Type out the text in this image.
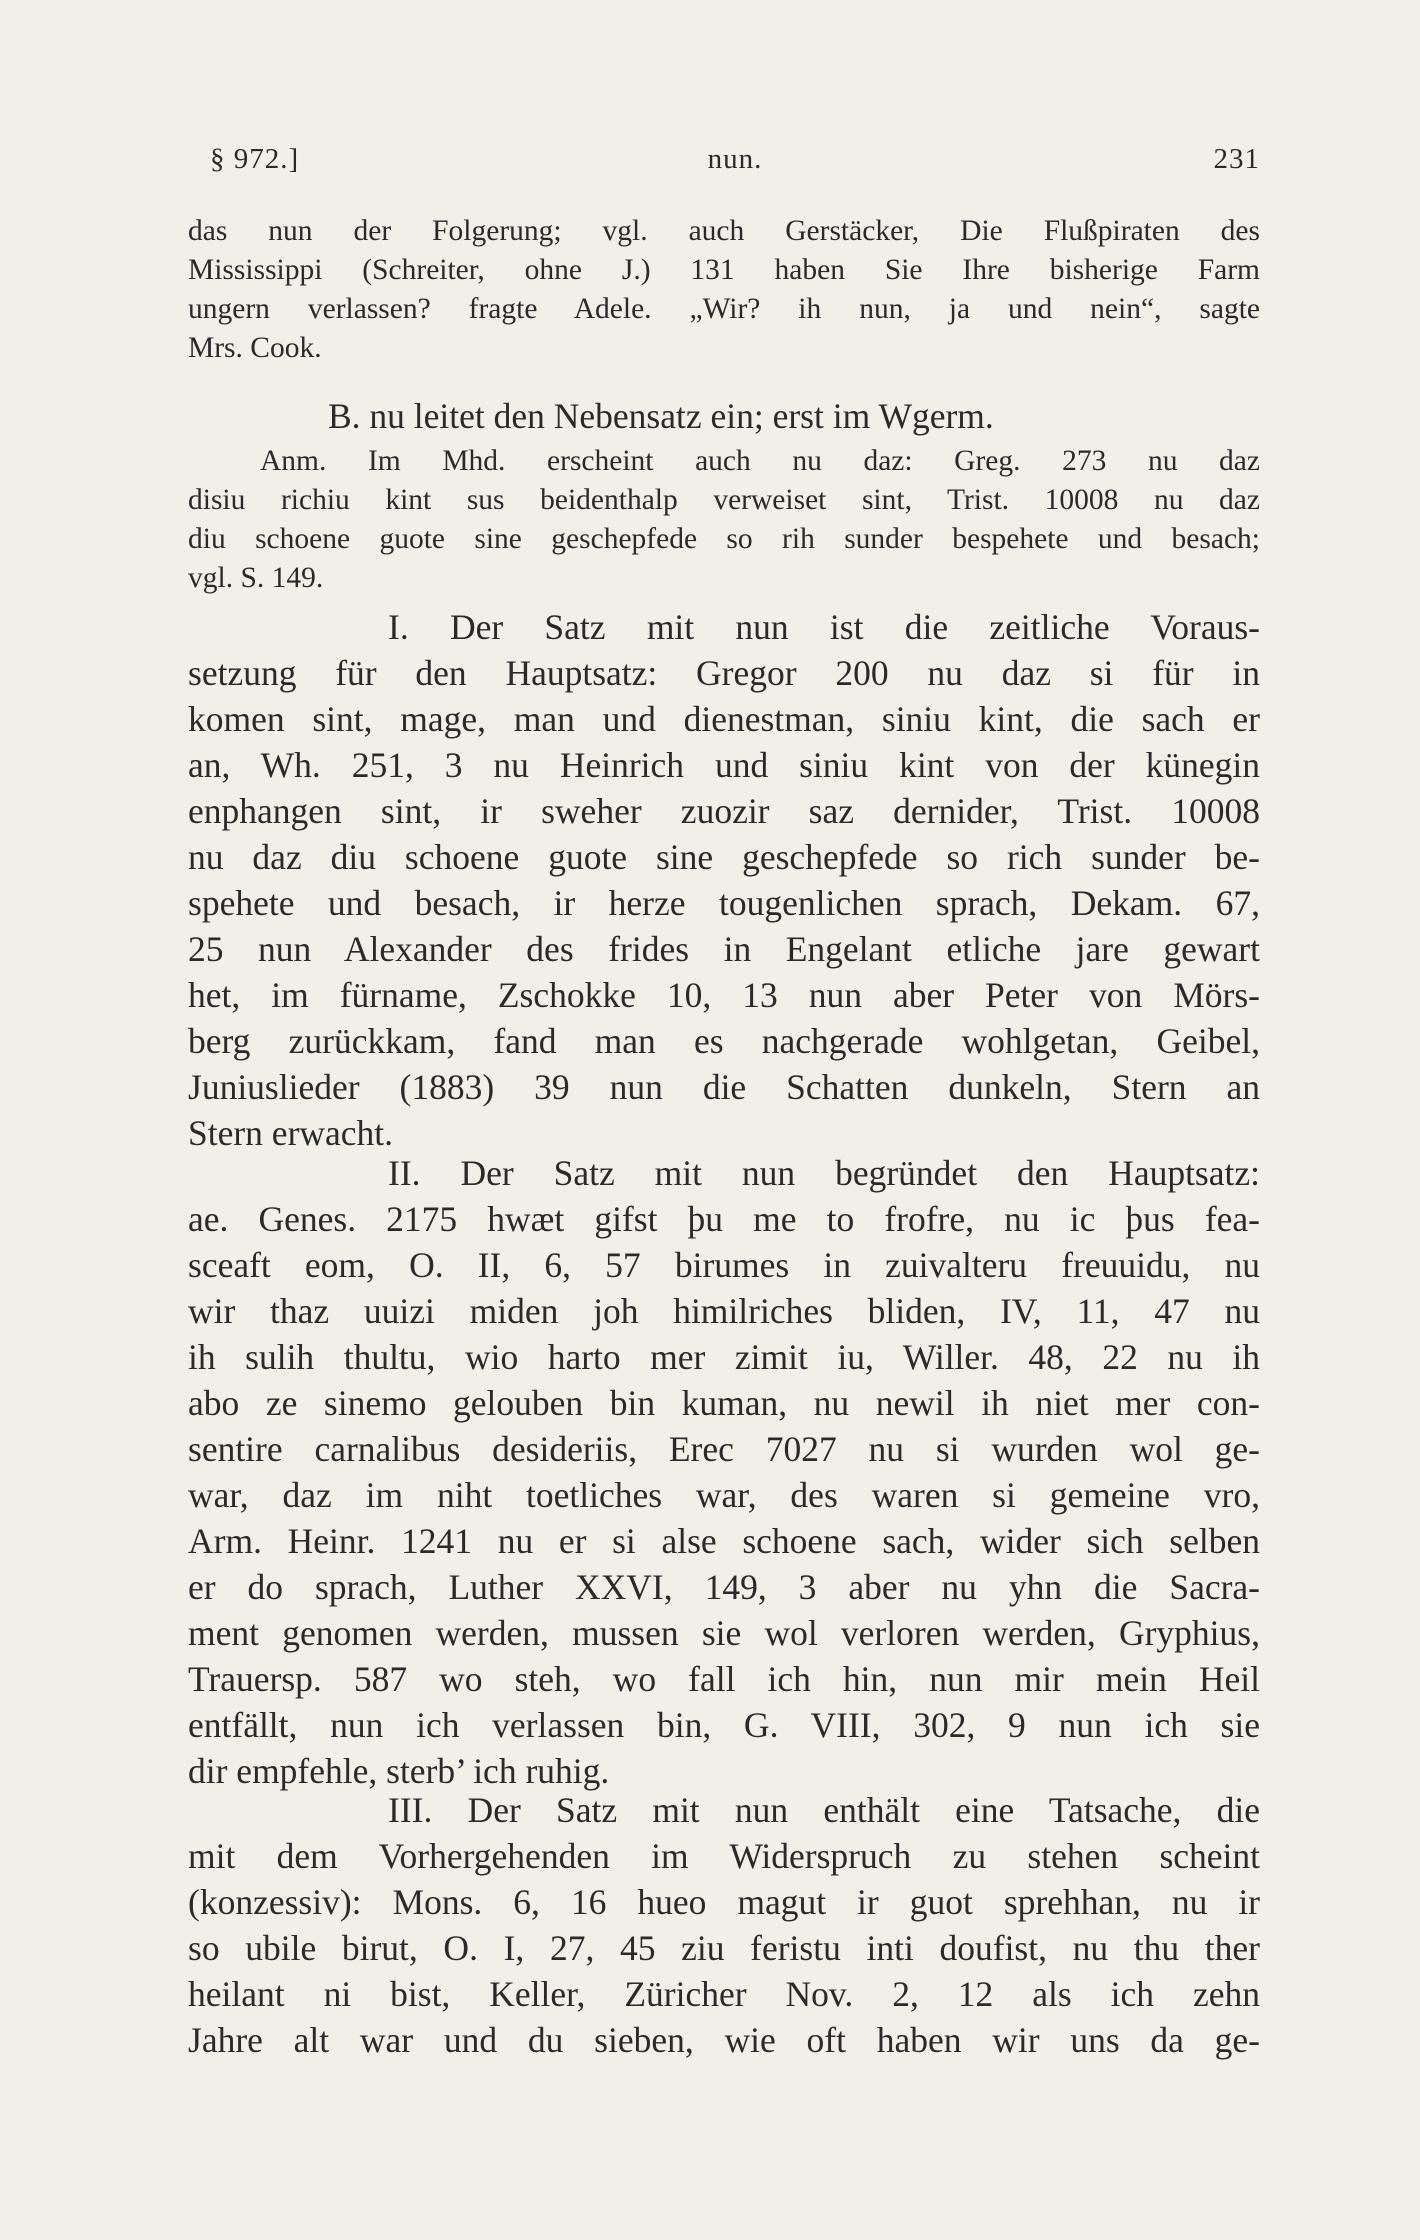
§ 972.]	nun.	231
das nun der Folgerung; vgl. auch Gerstäcker, Die Flußpiraten des
Mississippi (Schreiter, ohne J.) 131 haben Sie Ihre bisherige Farm
ungern verlassen? fragte Adele. „Wir? ih nun, ja und nein“, sagte
Mrs. Cook.
B. nu leitet den Nebensatz ein; erst im Wgerm.
Anm. Im Mhd. erscheint auch nu daz: Greg. 273 nu daz
disiu richiu kint sus beidenthalp verweiset sint, Trist. 10008 nu daz
diu schoene guote sine geschepfede so rih sunder bespehete und besach;
vgl. S. 149.
I. Der Satz mit nun ist die zeitliche Voraus-
setzung für den Hauptsatz: Gregor 200 nu daz si für in
komen sint, mage, man und dienestman, siniu kint, die sach er
an, Wh. 251, 3 nu Heinrich und siniu kint von der künegin
enphangen sint, ir sweher zuozir saz dernider, Trist. 10008
nu daz diu schoene guote sine geschepfede so rich sunder be-
spehete und besach, ir herze tougenlichen sprach, Dekam. 67,
25 nun Alexander des frides in Engelant etliche jare gewart
het, im fürname, Zschokke 10, 13 nun aber Peter von Mörs-
berg zurückkam, fand man es nachgerade wohlgetan, Geibel,
Juniuslieder (1883) 39 nun die Schatten dunkeln, Stern an
Stern erwacht.
II. Der Satz mit nun begründet den Hauptsatz:
ae. Genes. 2175 hwæt gifst þu me to frofre, nu ic þus fea-
sceaft eom, O. II, 6, 57 birumes in zuivalteru freuuidu, nu
wir thaz uuizi miden joh himilriches bliden, IV, 11, 47 nu
ih sulih thultu, wio harto mer zimit iu, Willer. 48, 22 nu ih
abo ze sinemo gelouben bin kuman, nu newil ih niet mer con-
sentire carnalibus desideriis, Erec 7027 nu si wurden wol ge-
war, daz im niht toetliches war, des waren si gemeine vro,
Arm. Heinr. 1241 nu er si alse schoene sach, wider sich selben
er do sprach, Luther XXVI, 149, 3 aber nu yhn die Sacra-
ment genomen werden, mussen sie wol verloren werden, Gryphius,
Trauersp. 587 wo steh, wo fall ich hin, nun mir mein Heil
entfällt, nun ich verlassen bin, G. VIII, 302, 9 nun ich sie
dir empfehle, sterb’ ich ruhig.
III. Der Satz mit nun enthält eine Tatsache, die
mit dem Vorhergehenden im Widerspruch zu stehen scheint
(konzessiv): Mons. 6, 16 hueo magut ir guot sprehhan, nu ir
so ubile birut, O. I, 27, 45 ziu feristu inti doufist, nu thu ther
heilant ni bist, Keller, Züricher Nov. 2, 12 als ich zehn
Jahre alt war und du sieben, wie oft haben wir uns da ge-
